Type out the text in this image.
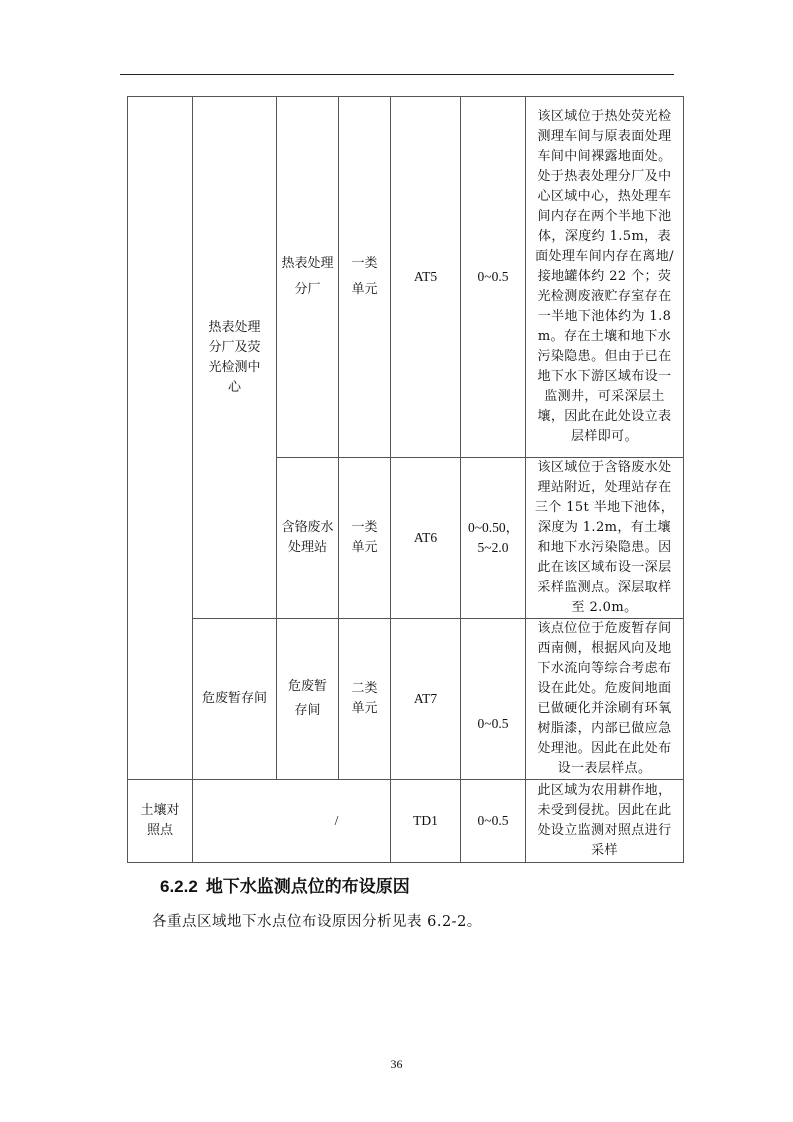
	热表处理分厂及荧光检测中心	热表处理分厂	一类单元	AT5	0~0.5	该区域位于热处荧光检测理车间与原表面处理车间中间裸露地面处。处于热表处理分厂及中心区域中心，热处理车间内存在两个半地下池体，深度约 1.5m，表面处理车间内存在离地/接地罐体约 22 个；荧光检测废液贮存室存在一半地下池体约为 1.8m。存在土壤和地下水污染隐患。但由于已在地下水下游区域布设一监测井，可采深层土壤，因此在此处设立表层样即可。

		含铬废水处理站	一类单元	AT6	0~0.50，5~2.0	该区域位于含铬废水处理站附近，处理站存在三个 15t 半地下池体，深度为 1.2m，有土壤和地下水污染隐患。因此在该区域布设一深层采样监测点。深层取样至 2.0m。
	危废暂存间	危废暂存间	二类单元	AT7	0~0.5	该点位位于危废暂存间西南侧，根据风向及地下水流向等综合考虑布设在此处。危废间地面已做硬化并涂刷有环氧树脂漆，内部已做应急处理池。因此在此处布设一表层样点。

土壤对照点	/			TD1	0~0.5	此区域为农用耕作地，未受到侵扰。因此在此处设立监测对照点进行采样
6.2.2 地下水监测点位的布设原因

各重点区域地下水点位布设原因分析见表 6.2-2。

36
